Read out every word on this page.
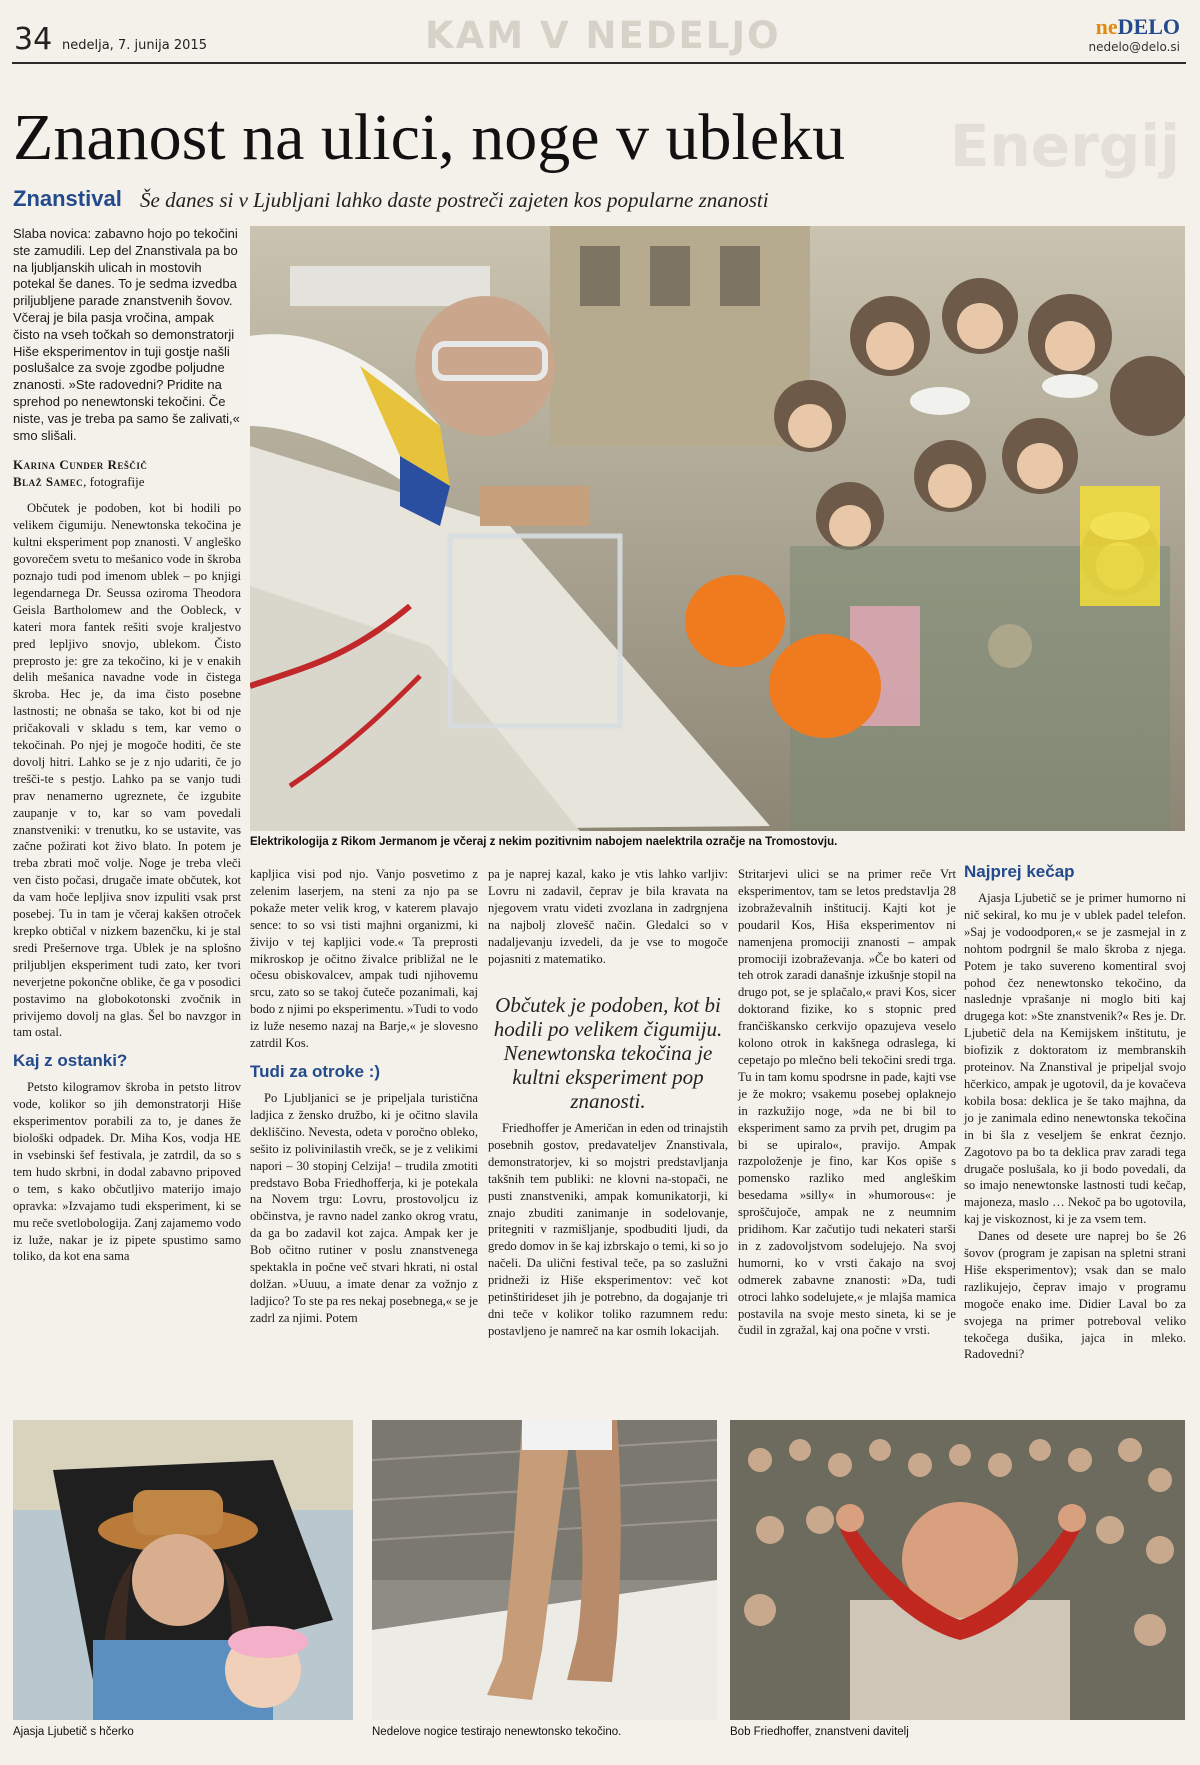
34 nedelja, 7. junija 2015	KAM V NEDELJO	neDELO
nedelo@delo.si
Energij
Znanost na ulici, noge v ubleku
Znanstival Še danes si v Ljubljani lahko daste postreči zajeten kos popularne znanosti
Elektrikologija z Rikom Jermanom je včeraj z nekim pozitivnim nabojem naelektrila ozračje na Tromostovju.

Slaba novica: zabavno hojo po tekočini ste zamudili. Lep del Znanstivala pa bo na ljubljanskih ulicah in mostovih potekal še danes. To je sedma izvedba priljubljene parade znanstvenih šovov. Včeraj je bila pasja vročina, ampak čisto na vseh točkah so demonstratorji Hiše eksperimentov in tuji gostje našli poslušalce za svoje zgodbe poljudne znanosti. »Ste radovedni? Pridite na sprehod po nenewtonski tekočini. Če niste, vas je treba pa samo še zalivati,« smo slišali.

Karina Cunder Reščič
Blaž Samec, fotografije

Občutek je podoben, kot bi hodili po velikem čigumiju. Nenewtonska tekočina je kultni eksperiment pop znanosti. V angleško govorečem svetu to mešanico vode in škroba poznajo tudi pod imenom ublek – po knjigi legendarnega Dr. Seussa oziroma Theodora Geisla Bartholomew and the Oobleck, v kateri mora fantek rešiti svoje kraljestvo pred lepljivo snovjo, ublekom. Čisto preprosto je: gre za tekočino, ki je v enakih delih mešanica navadne vode in čistega škroba. Hec je, da ima čisto posebne lastnosti; ne obnaša se tako, kot bi od nje pričakovali v skladu s tem, kar vemo o tekočinah. Po njej je mogoče hoditi, če ste dovolj hitri. Lahko se je z njo udariti, če jo trešči-te s pestjo. Lahko pa se vanjo tudi prav nenamerno ugreznete, če izgubite zaupanje v to, kar so vam povedali znanstveniki: v trenutku, ko se ustavite, vas začne požirati kot živo blato. In potem je treba zbrati moč volje. Noge je treba vleči ven čisto počasi, drugače imate občutek, kot da vam hoče lepljiva snov izpuliti vsak prst posebej. Tu in tam je včeraj kakšen otroček krepko obtičal v nizkem bazenčku, ki je stal sredi Prešernove trga. Ublek je na splošno priljubljen eksperiment tudi zato, ker tvori neverjetne pokončne oblike, če ga v posodici postavimo na globokotonski zvočnik in privijemo dovolj na glas. Šel bo navzgor in tam ostal.

Kaj z ostanki?

Petsto kilogramov škroba in petsto litrov vode, kolikor so jih demonstratorji Hiše eksperimentov porabili za to, je danes že biološki odpadek. Dr. Miha Kos, vodja HE in vsebinski šef festivala, je zatrdil, da so s tem hudo skrbni, in dodal zabavno pripoved o tem, s kako občutljivo materijo imajo opravka: »Izvajamo tudi eksperiment, ki se mu reče svetlobologija. Zanj zajamemo vodo iz luže, nakar je iz pipete spustimo samo toliko, da kot ena sama

kapljica visi pod njo. Vanjo posvetimo z zelenim laserjem, na steni za njo pa se pokaže meter velik krog, v katerem plavajo sence: to so vsi tisti majhni organizmi, ki živijo v tej kapljici vode.« Ta preprosti mikroskop je očitno živalce približal ne le očesu obiskovalcev, ampak tudi njihovemu srcu, zato so se takoj čuteče pozanimali, kaj bodo z njimi po eksperimentu. »Tudi to vodo iz luže nesemo nazaj na Barje,« je slovesno zatrdil Kos.

Tudi za otroke :)

Po Ljubljanici se je pripeljala turistična ladjica z žensko družbo, ki je očitno slavila dekliščino. Nevesta, odeta v poročno obleko, sešito iz polivinilastih vrečk, se je z velikimi napori – 30 stopinj Celzija! – trudila zmotiti predstavo Boba Friedhofferja, ki je potekala na Novem trgu: Lovru, prostovoljcu iz občinstva, je ravno nadel zanko okrog vratu, da ga bo zadavil kot zajca. Ampak ker je Bob očitno rutiner v poslu znanstvenega spektakla in počne več stvari hkrati, ni ostal dolžan. »Uuuu, a imate denar za vožnjo z ladjico? To ste pa res nekaj posebnega,« se je zadrl za njimi. Potem

pa je naprej kazal, kako je vtis lahko varljiv: Lovru ni zadavil, čeprav je bila kravata na njegovem vratu videti zvozlana in zadrgnjena na najbolj zlovešč način. Gledalci so v nadaljevanju izvedeli, da je vse to mogoče pojasniti z matematiko.

Občutek je podoben, kot bi hodili po velikem čigumiju. Nenewtonska tekočina je kultni eksperiment pop znanosti.

Friedhoffer je Američan in eden od trinajstih posebnih gostov, predavateljev Znanstivala, demonstratorjev, ki so mojstri predstavljanja takšnih tem publiki: ne klovni na-stopači, ne pusti znanstveniki, ampak komunikatorji, ki znajo zbuditi zanimanje in sodelovanje, pritegniti v razmišljanje, spodbuditi ljudi, da gredo domov in še kaj izbrskajo o temi, ki so jo načeli. Da ulični festival teče, pa so zaslužni pridneži iz Hiše eksperimentov: več kot petinštirideset jih je potrebno, da dogajanje tri dni teče v kolikor toliko razumnem redu: postavljeno je namreč na kar osmih lokacijah.

Stritarjevi ulici se na primer reče Vrt eksperimentov, tam se letos predstavlja 28 izobraževalnih inštitucij. Kajti kot je poudaril Kos, Hiša eksperimentov ni namenjena promociji znanosti – ampak promociji izobraževanja. »Če bo kateri od teh otrok zaradi današnje izkušnje stopil na drugo pot, se je splačalo,« pravi Kos, sicer doktorand fizike, ko s stopnic pred frančiškansko cerkvijo opazujeva veselo kolono otrok in kakšnega odraslega, ki cepetajo po mlečno beli tekočini sredi trga. Tu in tam komu spodrsne in pade, kajti vse je že mokro; vsakemu posebej oplaknejo in razkužijo noge, »da ne bi bil to eksperiment samo za prvih pet, drugim pa bi se upiralo«, pravijo. Ampak razpoloženje je fino, kar Kos opiše s pomensko razliko med angleškim besedama »silly« in »humorous«: je sproščujoče, ampak ne z neumnim pridihom. Kar začutijo tudi nekateri starši in z zadovoljstvom sodelujejo. Na svoj humorni, ko v vrsti čakajo na svoj odmerek zabavne znanosti: »Da, tudi otroci lahko sodelujete,« je mlajša mamica postavila na svoje mesto sineta, ki se je čudil in zgražal, kaj ona počne v vrsti.

Najprej kečap

Ajasja Ljubetič se je primer humorno ni nič sekiral, ko mu je v ublek padel telefon. »Saj je vodoodporen,« se je zasmejal in z nohtom podrgnil še malo škroba z njega. Potem je tako suvereno komentiral svoj pohod čez nenewtonsko tekočino, da naslednje vprašanje ni moglo biti kaj drugega kot: »Ste znanstvenik?« Res je. Dr. Ljubetič dela na Kemijskem inštitutu, je biofizik z doktoratom iz membranskih proteinov. Na Znanstival je pripeljal svojo hčerkico, ampak je ugotovil, da je kovačeva kobila bosa: deklica je še tako majhna, da jo je zanimala edino nenewtonska tekočina in bi šla z veseljem še enkrat čeznjo. Zagotovo pa bo ta deklica prav zaradi tega drugače poslušala, ko ji bodo povedali, da so imajo nenewtonske lastnosti tudi kečap, majoneza, maslo … Nekoč pa bo ugotovila, kaj je viskoznost, ki je za vsem tem.

Danes od desete ure naprej bo še 26 šovov (program je zapisan na spletni strani Hiše eksperimentov); vsak dan se malo razlikujejo, čeprav imajo v programu mogoče enako ime. Didier Laval bo za svojega na primer potreboval veliko tekočega dušika, jajca in mleko. Radovedni?

Ajasja Ljubetič s hčerko	Nedelove nogice testirajo nenewtonsko tekočino.	Bob Friedhoffer, znanstveni davitelj
